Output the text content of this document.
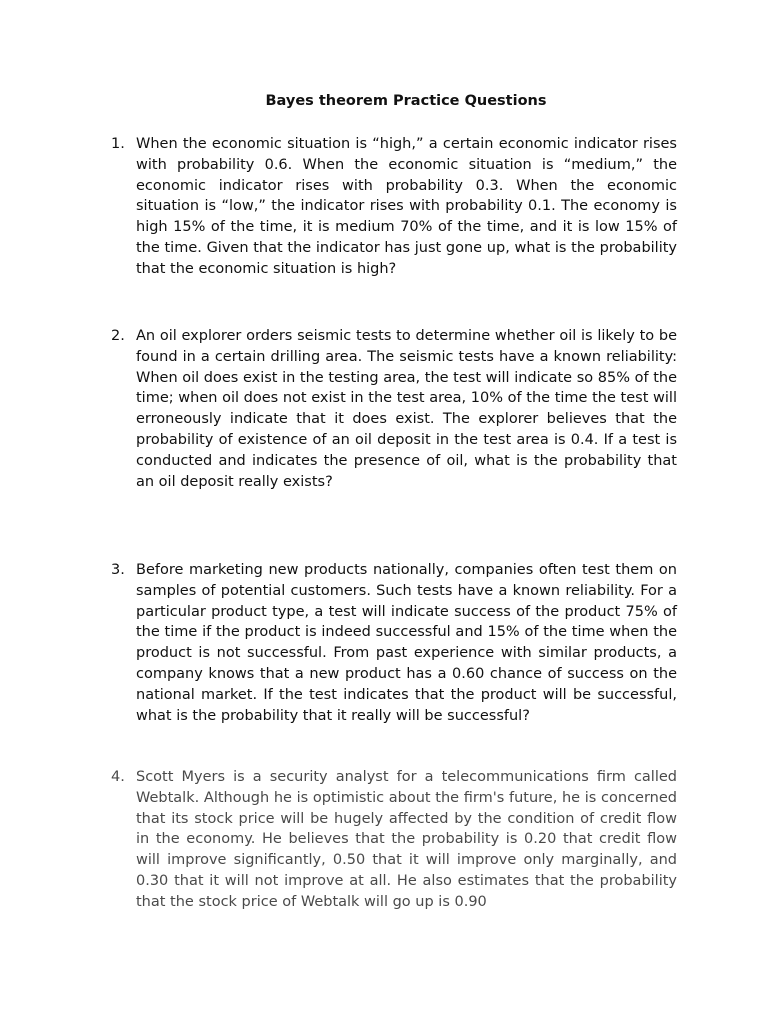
Bayes theorem Practice Questions
1. When the economic situation is “high,” a certain economic indicator rises with probability 0.6. When the economic situation is “medium,” the economic indicator rises with probability 0.3. When the economic situation is “low,” the indicator rises with probability 0.1. The economy is high 15% of the time, it is medium 70% of the time, and it is low 15% of the time. Given that the indicator has just gone up, what is the probability that the economic situation is high?
2. An oil explorer orders seismic tests to determine whether oil is likely to be found in a certain drilling area. The seismic tests have a known reliability: When oil does exist in the testing area, the test will indicate so 85% of the time; when oil does not exist in the test area, 10% of the time the test will erroneously indicate that it does exist. The explorer believes that the probability of existence of an oil deposit in the test area is 0.4. If a test is conducted and indicates the presence of oil, what is the probability that an oil deposit really exists?
3. Before marketing new products nationally, companies often test them on samples of potential customers. Such tests have a known reliability. For a particular product type, a test will indicate success of the product 75% of the time if the product is indeed successful and 15% of the time when the product is not successful. From past experience with similar products, a company knows that a new product has a 0.60 chance of success on the national market. If the test indicates that the product will be successful, what is the probability that it really will be successful?
4. Scott Myers is a security analyst for a telecommunications firm called Webtalk. Although he is optimistic about the firm's future, he is concerned that its stock price will be hugely affected by the condition of credit flow in the economy. He believes that the probability is 0.20 that credit flow will improve significantly, 0.50 that it will improve only marginally, and 0.30 that it will not improve at all. He also estimates that the probability that the stock price of Webtalk will go up is 0.90
